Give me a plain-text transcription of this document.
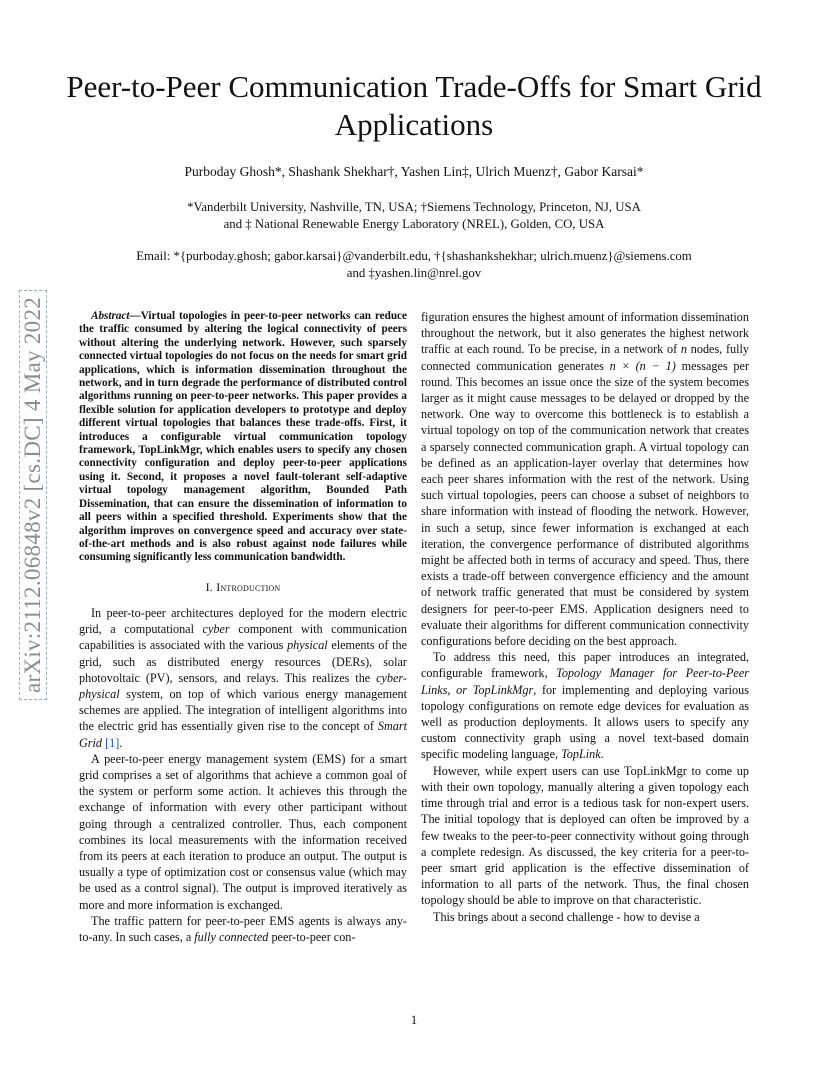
Peer-to-Peer Communication Trade-Offs for Smart Grid Applications
Purboday Ghosh*, Shashank Shekhar†, Yashen Lin‡, Ulrich Muenz†, Gabor Karsai*
*Vanderbilt University, Nashville, TN, USA; †Siemens Technology, Princeton, NJ, USA
and ‡ National Renewable Energy Laboratory (NREL), Golden, CO, USA
Email: *{purboday.ghosh; gabor.karsai}@vanderbilt.edu, †{shashankshekhar; ulrich.muenz}@siemens.com
and ‡yashen.lin@nrel.gov
arXiv:2112.06848v2 [cs.DC] 4 May 2022	Abstract—Virtual topologies in peer-to-peer networks can reduce the traffic consumed by altering the logical connectivity of peers without altering the underlying network. However, such sparsely connected virtual topologies do not focus on the needs for smart grid applications, which is information dissemination throughout the network, and in turn degrade the performance of distributed control algorithms running on peer-to-peer networks. This paper provides a flexible solution for application developers to prototype and deploy different virtual topologies that balances these trade-offs. First, it introduces a configurable virtual communication topology framework, TopLinkMgr, which enables users to specify any chosen connectivity configuration and deploy peer-to-peer applications using it. Second, it proposes a novel fault-tolerant self-adaptive virtual topology management algorithm, Bounded Path Dissemination, that can ensure the dissemination of information to all peers within a specified threshold. Experiments show that the algorithm improves on convergence speed and accuracy over state-of-the-art methods and is also robust against node failures while consuming significantly less communication bandwidth.

I. Introduction

In peer-to-peer architectures deployed for the modern electric grid, a computational cyber component with communication capabilities is associated with the various physical elements of the grid, such as distributed energy resources (DERs), solar photovoltaic (PV), sensors, and relays. This realizes the cyber-physical system, on top of which various energy management schemes are applied. The integration of intelligent algorithms into the electric grid has essentially given rise to the concept of Smart Grid [1].

A peer-to-peer energy management system (EMS) for a smart grid comprises a set of algorithms that achieve a common goal of the system or perform some action. It achieves this through the exchange of information with every other participant without going through a centralized controller. Thus, each component combines its local measurements with the information received from its peers at each iteration to produce an output. The output is usually a type of optimization cost or consensus value (which may be used as a control signal). The output is improved iteratively as more and more information is exchanged.

The traffic pattern for peer-to-peer EMS agents is always any-to-any. In such cases, a fully connected peer-to-peer con-

figuration ensures the highest amount of information dissemination throughout the network, but it also generates the highest network traffic at each round. To be precise, in a network of n nodes, fully connected communication generates n × (n − 1) messages per round. This becomes an issue once the size of the system becomes larger as it might cause messages to be delayed or dropped by the network. One way to overcome this bottleneck is to establish a virtual topology on top of the communication network that creates a sparsely connected communication graph. A virtual topology can be defined as an application-layer overlay that determines how each peer shares information with the rest of the network. Using such virtual topologies, peers can choose a subset of neighbors to share information with instead of flooding the network. However, in such a setup, since fewer information is exchanged at each iteration, the convergence performance of distributed algorithms might be affected both in terms of accuracy and speed. Thus, there exists a trade-off between convergence efficiency and the amount of network traffic generated that must be considered by system designers for peer-to-peer EMS. Application designers need to evaluate their algorithms for different communication connectivity configurations before deciding on the best approach.

To address this need, this paper introduces an integrated, configurable framework, Topology Manager for Peer-to-Peer Links, or TopLinkMgr, for implementing and deploying various topology configurations on remote edge devices for evaluation as well as production deployments. It allows users to specify any custom connectivity graph using a novel text-based domain specific modeling language, TopLink.

However, while expert users can use TopLinkMgr to come up with their own topology, manually altering a given topology each time through trial and error is a tedious task for non-expert users. The initial topology that is deployed can often be improved by a few tweaks to the peer-to-peer connectivity without going through a complete redesign. As discussed, the key criteria for a peer-to-peer smart grid application is the effective dissemination of information to all parts of the network. Thus, the final chosen topology should be able to improve on that characteristic.

This brings about a second challenge - how to devise a

1
